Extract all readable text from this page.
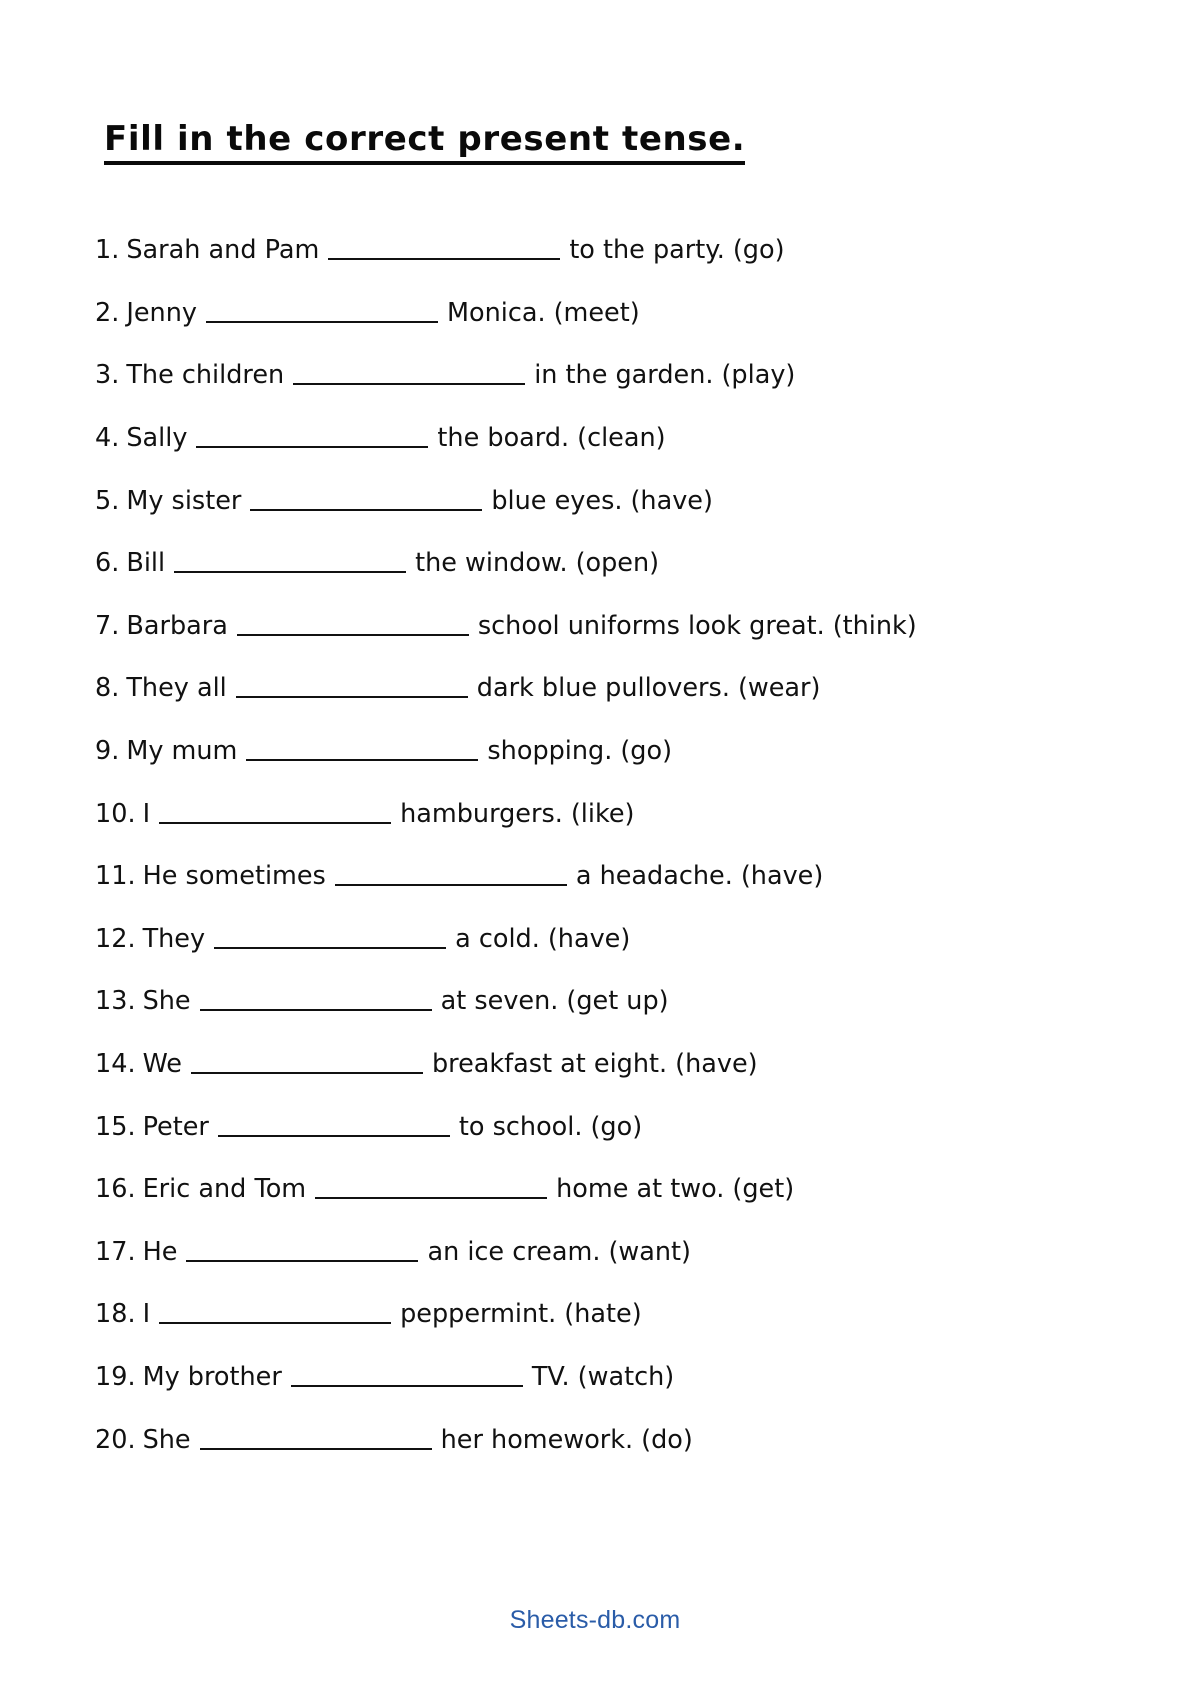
Fill in the correct present tense.
1. Sarah and Pam	to the party. (go)
2. Jenny	Monica. (meet)
3. The children	in the garden. (play)
4. Sally	the board. (clean)
5. My sister	blue eyes. (have)
6. Bill	the window. (open)
7. Barbara	school uniforms look great. (think)
8. They all	dark blue pullovers. (wear)
9. My mum	shopping. (go)
10. I	hamburgers. (like)
11. He sometimes	a headache. (have)
12. They	a cold. (have)
13. She	at seven. (get up)
14. We	breakfast at eight. (have)
15. Peter	to school. (go)
16. Eric and Tom	home at two. (get)
17. He	an ice cream. (want)
18. I	peppermint. (hate)
19. My brother	TV. (watch)
20. She	her homework. (do)
Sheets-db.com
